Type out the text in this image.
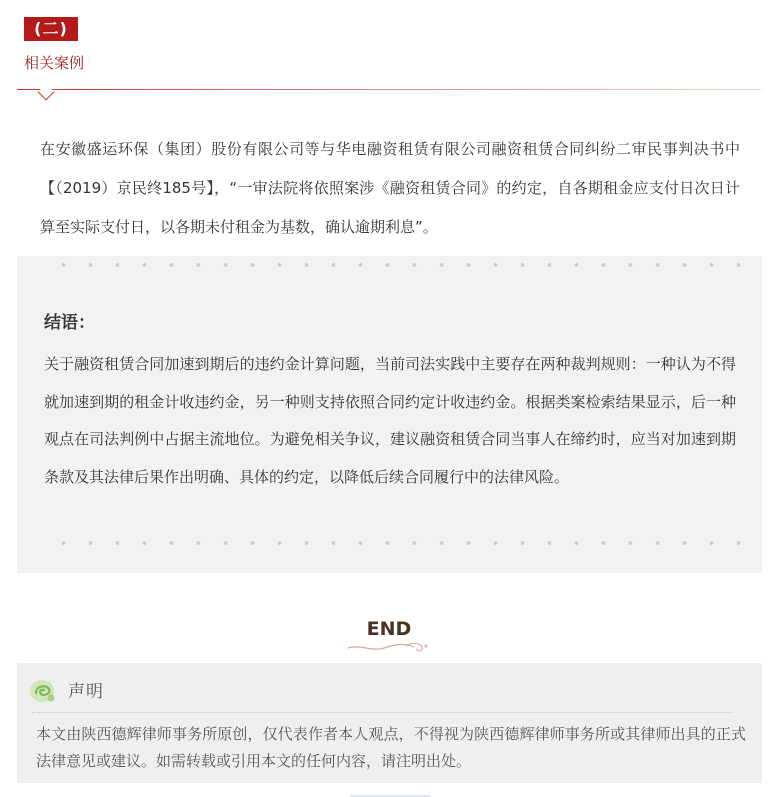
(二)
相关案例

在安徽盛运环保（集团）股份有限公司等与华电融资租赁有限公司融资租赁合同纠纷二审民事判决书中【（2019）京民终185号】，“一审法院将依照案涉《融资租赁合同》的约定，自各期租金应支付日次日计算至实际支付日，以各期未付租金为基数，确认逾期利息”。

结语：

关于融资租赁合同加速到期后的违约金计算问题，当前司法实践中主要存在两种裁判规则：一种认为不得就加速到期的租金计收违约金，另一种则支持依照合同约定计收违约金。根据类案检索结果显示，后一种观点在司法判例中占据主流地位。为避免相关争议，建议融资租赁合同当事人在缔约时，应当对加速到期条款及其法律后果作出明确、具体的约定，以降低后续合同履行中的法律风险。

END
声明

本文由陕西德辉律师事务所原创，仅代表作者本人观点，不得视为陕西德辉律师事务所或其律师出具的正式法律意见或建议。如需转载或引用本文的任何内容，请注明出处。
